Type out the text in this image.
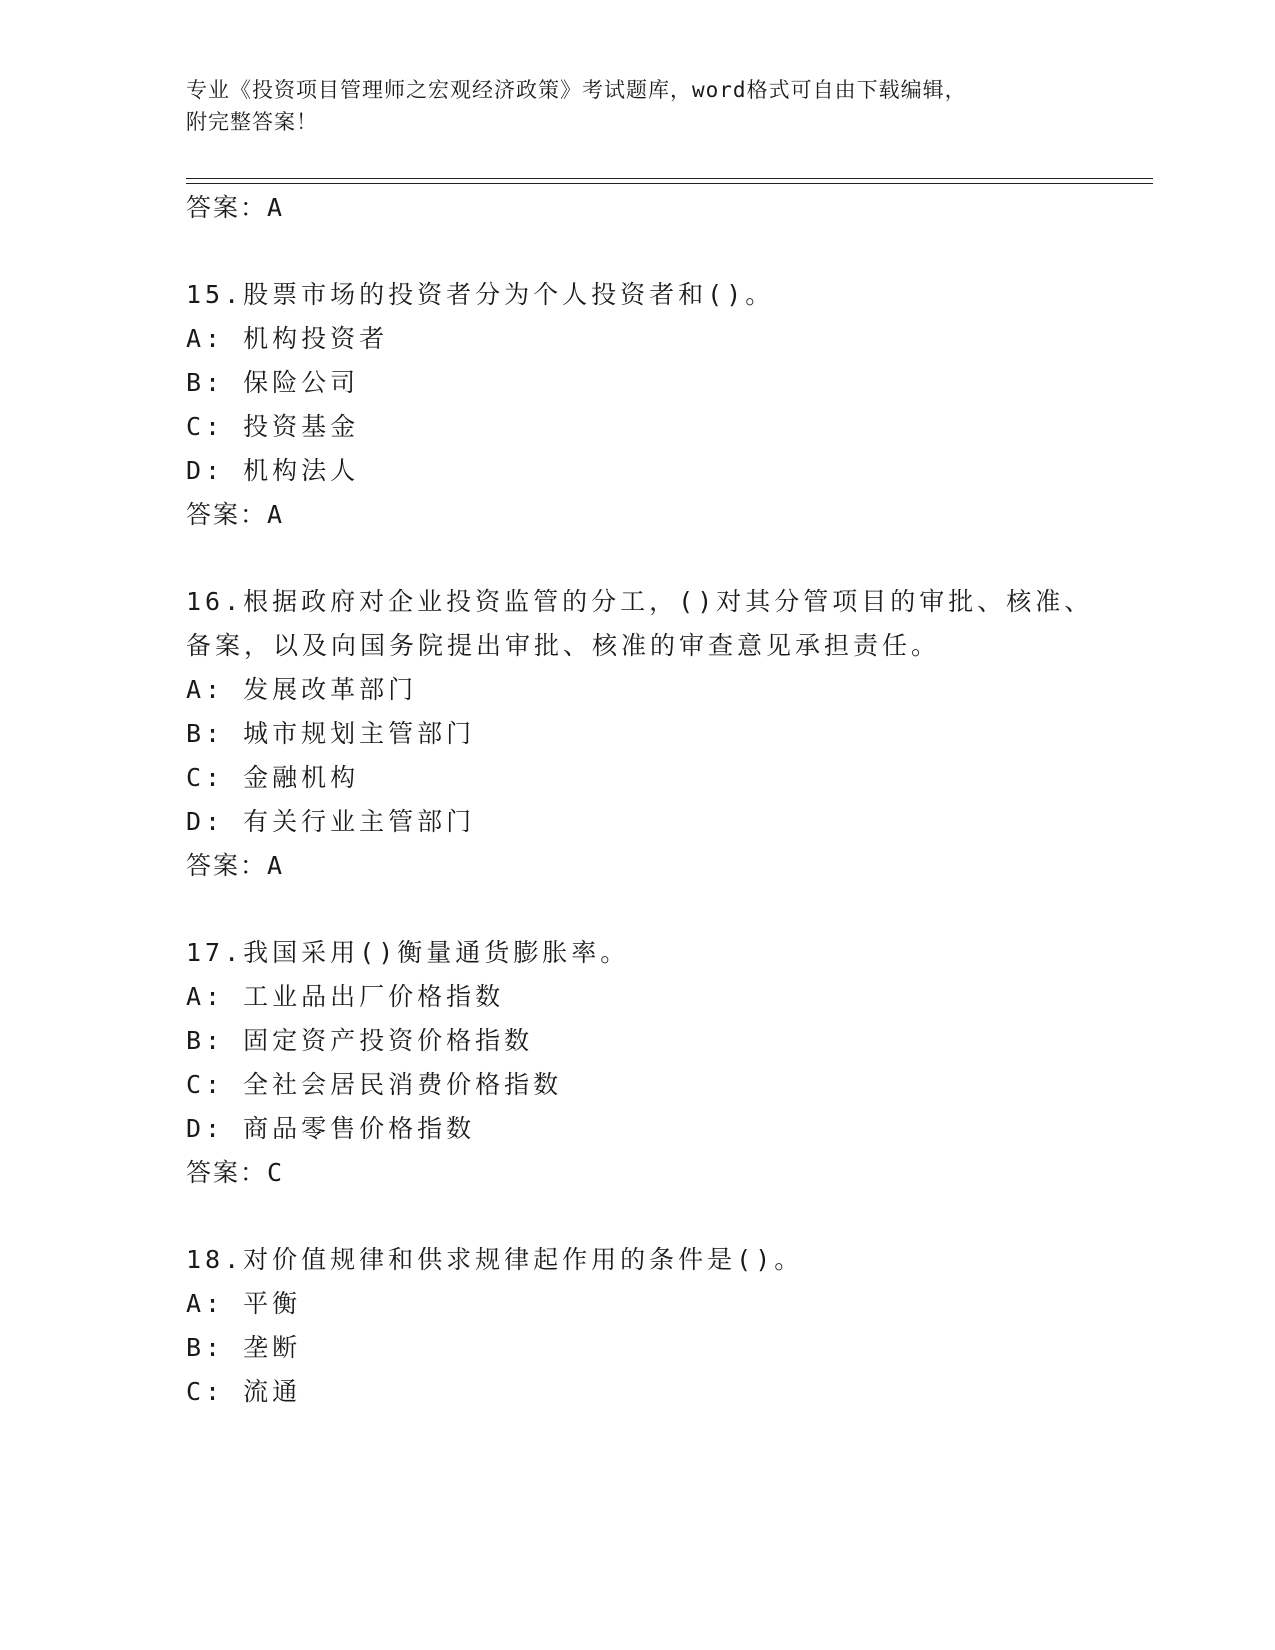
专业《投资项目管理师之宏观经济政策》考试题库，word格式可自由下载编辑，
附完整答案！
答案：A
15.股票市场的投资者分为个人投资者和()。
A: 机构投资者
B: 保险公司
C: 投资基金
D: 机构法人
答案：A
16.根据政府对企业投资监管的分工，()对其分管项目的审批、核准、
备案，以及向国务院提出审批、核准的审查意见承担责任。
A: 发展改革部门
B: 城市规划主管部门
C: 金融机构
D: 有关行业主管部门
答案：A
17.我国采用()衡量通货膨胀率。
A: 工业品出厂价格指数
B: 固定资产投资价格指数
C: 全社会居民消费价格指数
D: 商品零售价格指数
答案：C
18.对价值规律和供求规律起作用的条件是()。
A: 平衡
B: 垄断
C: 流通
